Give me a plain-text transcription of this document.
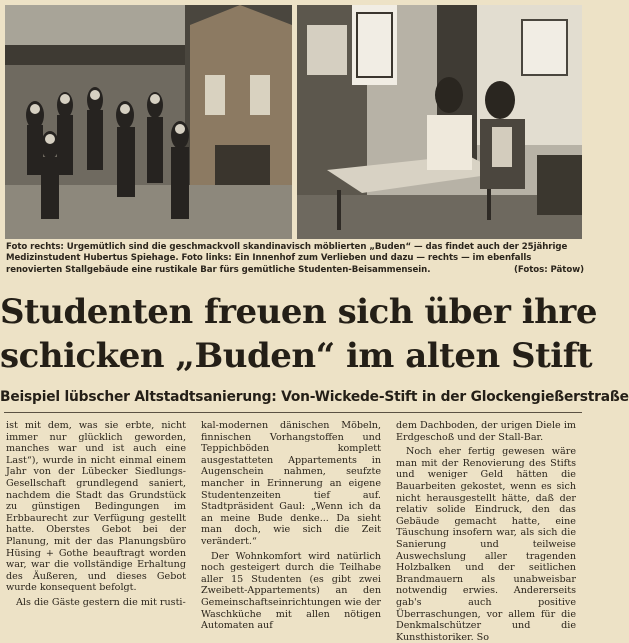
Foto rechts: Urgemütlich sind die geschmackvoll skandinavisch möblierten „Buden“ — das findet auch der 25jährige Medizinstudent Hubertus Spiehage. Foto links: Ein Innenhof zum Verlieben und dazu — rechts — im ebenfalls renovierten Stallgebäude eine rustikale Bar fürs gemütliche Studenten-Beisammensein.	(Fotos: Pätow)
Studenten freuen sich über ihre
schicken „Buden“ im alten Stift
Beispiel lübscher Altstadtsanierung: Von-Wickede-Stift in der Glockengießerstraße

ist mit dem, was sie erbte, nicht immer nur glücklich geworden, manches war und ist auch eine Last“), wurde in nicht einmal einem Jahr von der Lübecker Siedlungs-Gesellschaft grundlegend saniert, nachdem die Stadt das Grundstück zu günstigen Bedingungen im Erbbaurecht zur Verfügung gestellt hatte. Oberstes Gebot bei der Planung, mit der das Planungsbüro Hüsing + Gothe beauftragt worden war, war die vollständige Erhaltung des Äußeren, und dieses Gebot wurde konsequent befolgt.

Als die Gäste gestern die mit rusti-

kal-modernen dänischen Möbeln, finnischen Vorhangstoffen und Teppichböden komplett ausgestatteten Appartements in Augenschein nahmen, seufzte mancher in Erinnerung an eigene Studentenzeiten tief auf. Stadtpräsident Gaul: „Wenn ich da an meine Bude denke... Da sieht man doch, wie sich die Zeit verändert.“

Der Wohnkomfort wird natürlich noch gesteigert durch die Teilhabe aller 15 Studenten (es gibt zwei Zweibett-Appartements) an den Gemeinschaftseinrichtungen wie der Waschküche mit allen nötigen Automaten auf

dem Dachboden, der urigen Diele im Erdgeschoß und der Stall-Bar.

Noch eher fertig gewesen wäre man mit der Renovierung des Stifts und weniger Geld hätten die Bauarbeiten gekostet, wenn es sich nicht herausgestellt hätte, daß der relativ solide Eindruck, den das Gebäude gemacht hatte, eine Täuschung insofern war, als sich die Sanierung und teilweise Auswechslung aller tragenden Holzbalken und der seitlichen Brandmauern als unabweisbar notwendig erwies. Andererseits gab's auch positive Überraschungen, vor allem für die Denkmalschützer und die Kunsthistoriker. So
